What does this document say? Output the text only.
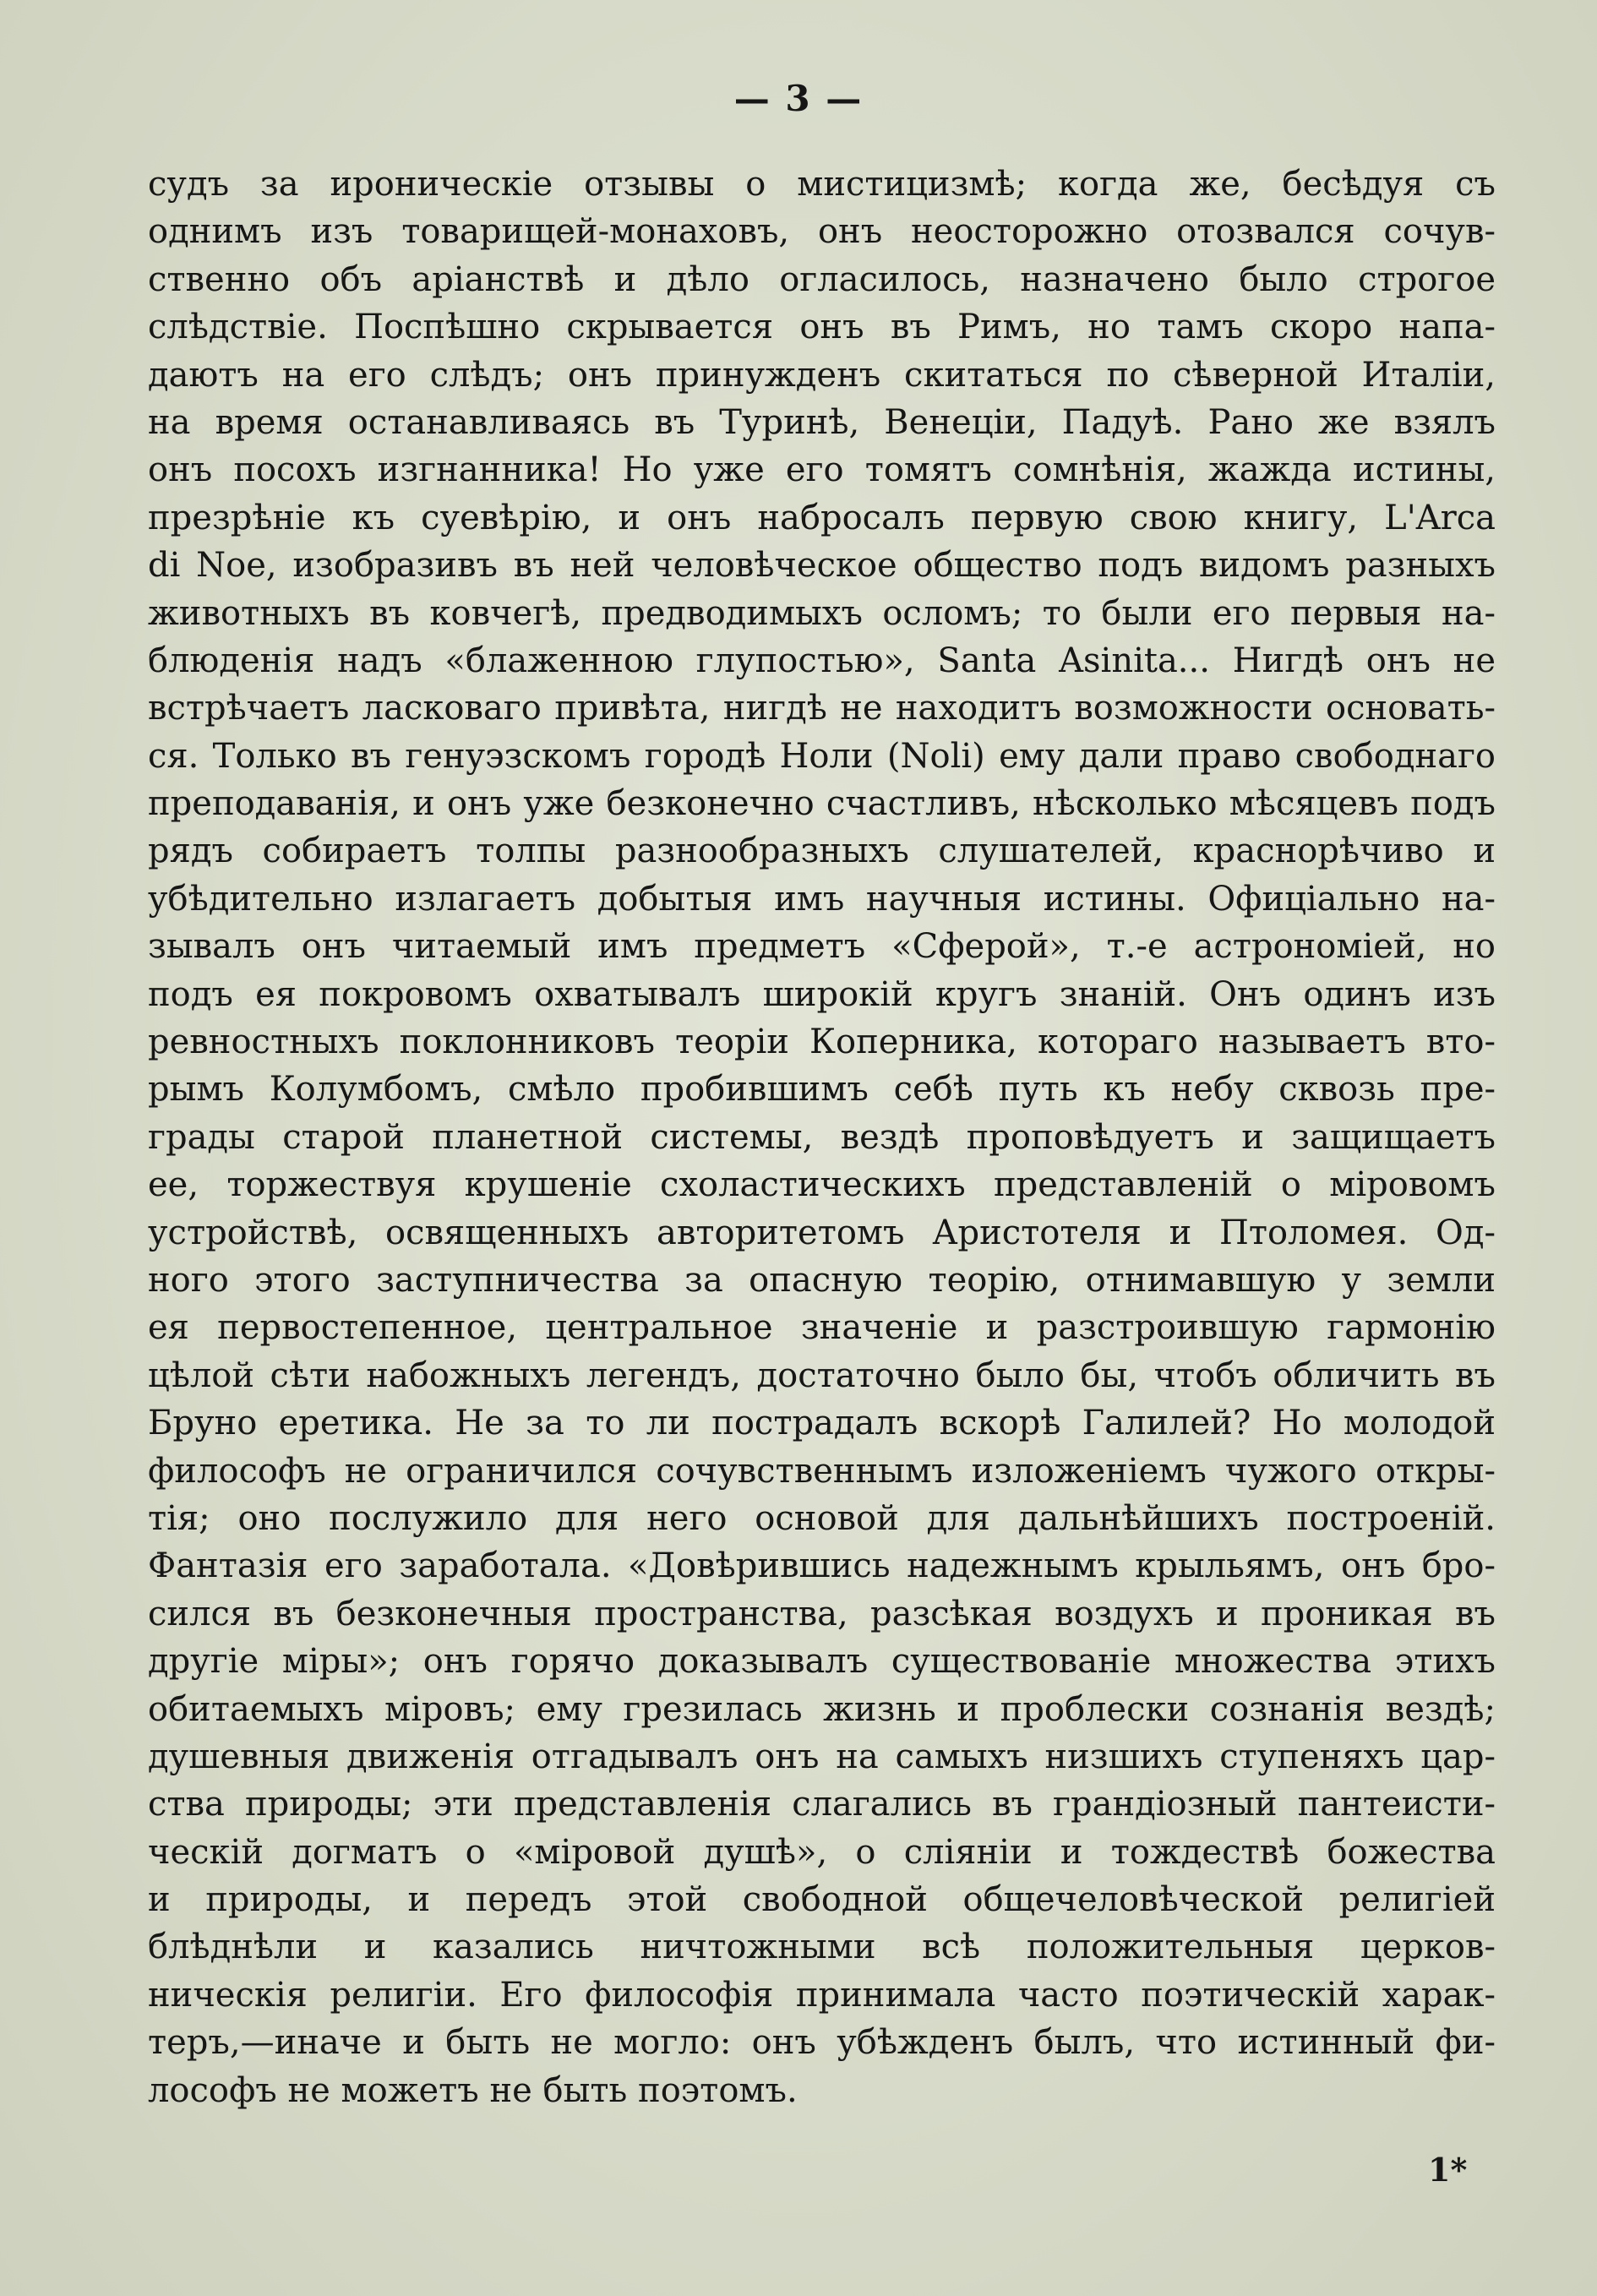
— 3 —
судъ за ироническіе отзывы о мистицизмѣ; когда же, бесѣдуя съ
однимъ изъ товарищей-монаховъ, онъ неосторожно отозвался сочув-
ственно объ аріанствѣ и дѣло огласилось, назначено было строгое
слѣдствіе. Поспѣшно скрывается онъ въ Римъ, но тамъ скоро напа-
даютъ на его слѣдъ; онъ принужденъ скитаться по сѣверной Италіи,
на время останавливаясь въ Туринѣ, Венеціи, Падуѣ. Рано же взялъ
онъ посохъ изгнанника! Но уже его томятъ сомнѣнія, жажда истины,
презрѣніе къ суевѣрію, и онъ набросалъ первую свою книгу, L'Arca
di Noe, изобразивъ въ ней человѣческое общество подъ видомъ разныхъ
животныхъ въ ковчегѣ, предводимыхъ осломъ; то были его первыя на-
блюденія надъ «блаженною глупостью», Santa Asinita... Нигдѣ онъ не
встрѣчаетъ ласковаго привѣта, нигдѣ не находитъ возможности основать-
ся. Только въ генуэзскомъ городѣ Ноли (Noli) ему дали право свободнаго
преподаванія, и онъ уже безконечно счастливъ, нѣсколько мѣсяцевъ подъ
рядъ собираетъ толпы разнообразныхъ слушателей, краснорѣчиво и
убѣдительно излагаетъ добытыя имъ научныя истины. Офиціально на-
зывалъ онъ читаемый имъ предметъ «Сферой», т.-е астрономіей, но
подъ ея покровомъ охватывалъ широкій кругъ знаній. Онъ одинъ изъ
ревностныхъ поклонниковъ теоріи Коперника, котораго называетъ вто-
рымъ Колумбомъ, смѣло пробившимъ себѣ путь къ небу сквозь пре-
грады старой планетной системы, вездѣ проповѣдуетъ и защищаетъ
ее, торжествуя крушеніе схоластическихъ представленій о міровомъ
устройствѣ, освященныхъ авторитетомъ Аристотеля и Птоломея. Од-
ного этого заступничества за опасную теорію, отнимавшую у земли
ея первостепенное, центральное значеніе и разстроившую гармонію
цѣлой сѣти набожныхъ легендъ, достаточно было бы, чтобъ обличить въ
Бруно еретика. Не за то ли пострадалъ вскорѣ Галилей? Но молодой
философъ не ограничился сочувственнымъ изложеніемъ чужого откры-
тія; оно послужило для него основой для дальнѣйшихъ построеній.
Фантазія его заработала. «Довѣрившись надежнымъ крыльямъ, онъ бро-
сился въ безконечныя пространства, разсѣкая воздухъ и проникая въ
другіе міры»; онъ горячо доказывалъ существованіе множества этихъ
обитаемыхъ міровъ; ему грезилась жизнь и проблески сознанія вездѣ;
душевныя движенія отгадывалъ онъ на самыхъ низшихъ ступеняхъ цар-
ства природы; эти представленія слагались въ грандіозный пантеисти-
ческій догматъ о «міровой душѣ», о сліяніи и тождествѣ божества
и природы, и передъ этой свободной общечеловѣческой религіей
блѣднѣли и казались ничтожными всѣ положительныя церков-
ническія религіи. Его философія принимала часто поэтическій харак-
теръ,—иначе и быть не могло: онъ убѣжденъ былъ, что истинный фи-
лософъ не можетъ не быть поэтомъ.
1*
